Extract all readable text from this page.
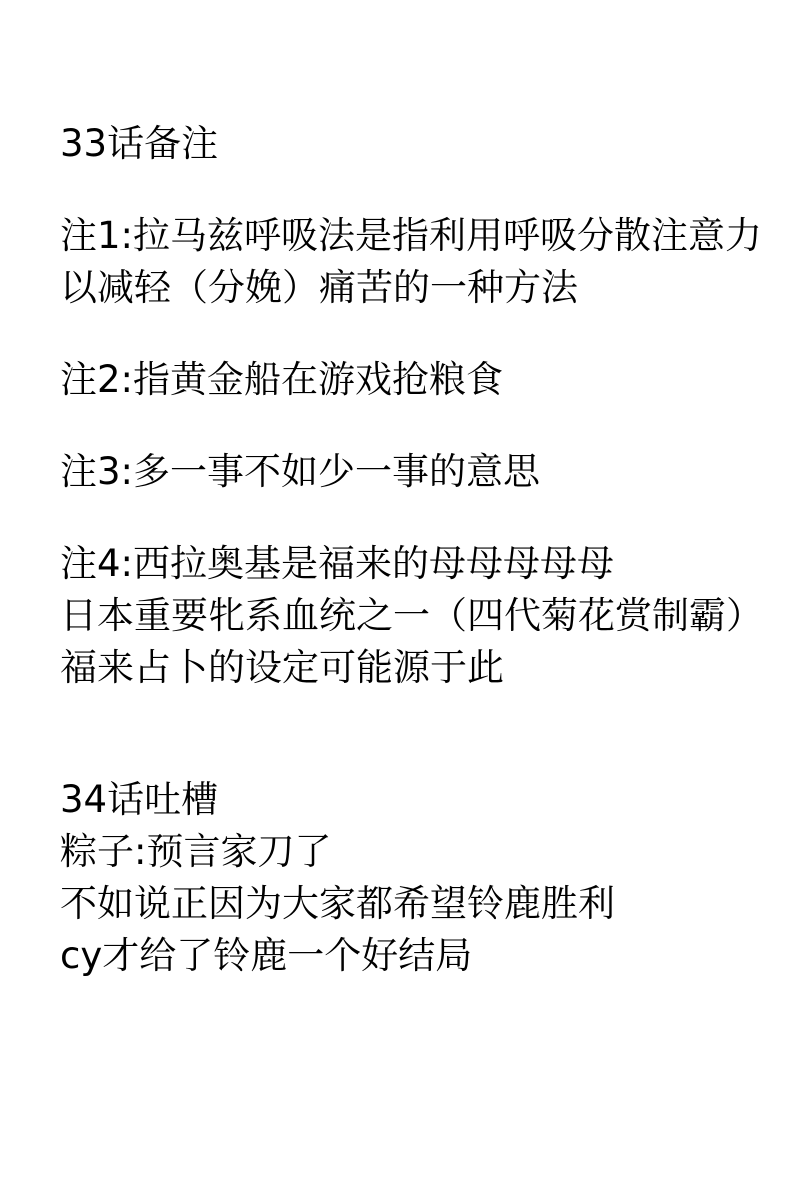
33话备注
注1:拉马兹呼吸法是指利用呼吸分散注意力
以减轻（分娩）痛苦的一种方法
注2:指黄金船在游戏抢粮食
注3:多一事不如少一事的意思
注4:西拉奥基是福来的母母母母母
日本重要牝系血统之一（四代菊花赏制霸）
福来占卜的设定可能源于此
34话吐槽
粽子:预言家刀了
不如说正因为大家都希望铃鹿胜利
cy才给了铃鹿一个好结局
